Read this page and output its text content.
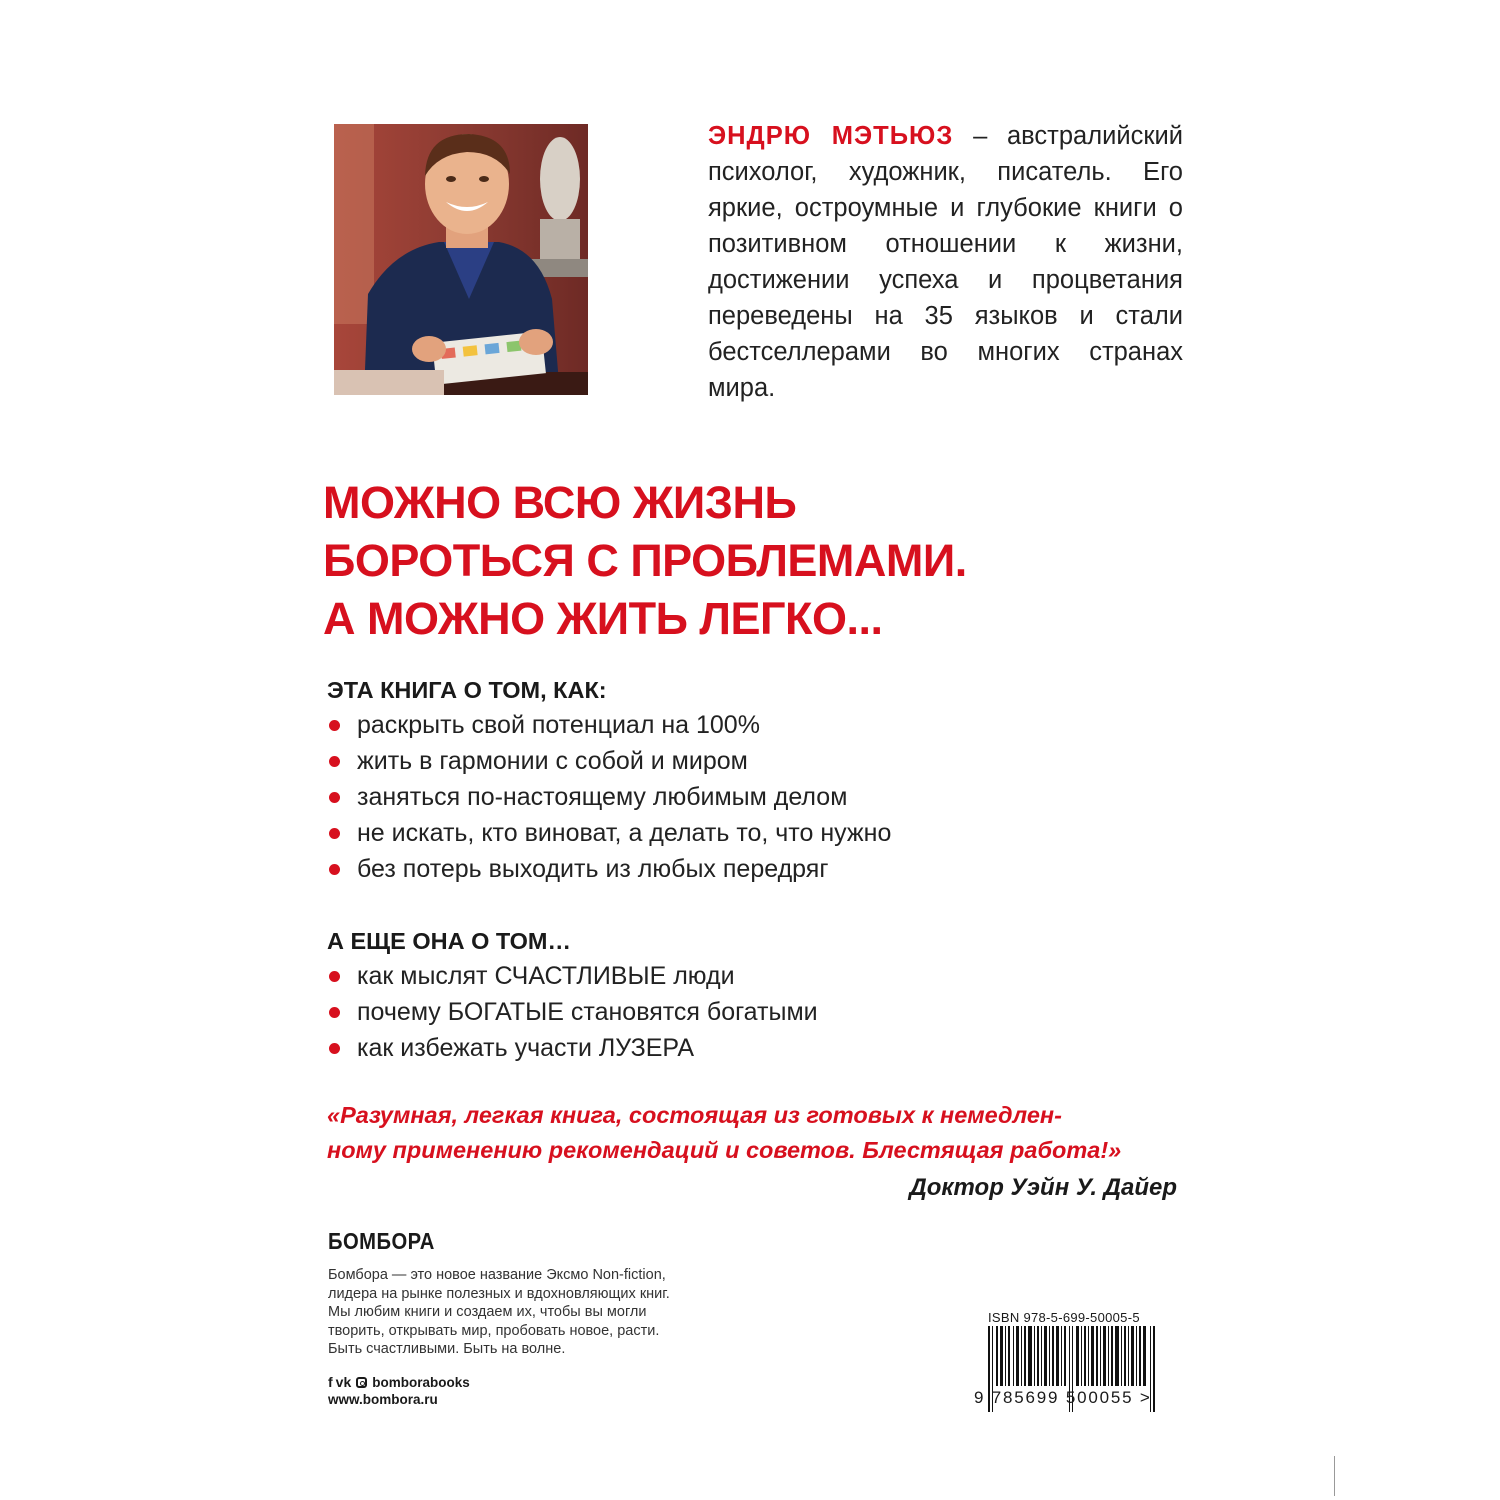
ЭНДРЮ МЭТЬЮЗ – австралийский психолог, художник, писатель. Его яркие, остроумные и глубокие книги о позитивном отношении к жизни, достижении успеха и процветания переведены на 35 языков и стали бестселлерами во многих странах мира.
МОЖНО ВСЮ ЖИЗНЬ
БОРОТЬСЯ С ПРОБЛЕМАМИ.
А МОЖНО ЖИТЬ ЛЕГКО...
ЭТА КНИГА О ТОМ, КАК:
раскрыть свой потенциал на 100%
жить в гармонии с собой и миром
заняться по-настоящему любимым делом
не искать, кто виноват, а делать то, что нужно
без потерь выходить из любых передряг
А ЕЩЕ ОНА О ТОМ…
как мыслят СЧАСТЛИВЫЕ люди
почему БОГАТЫЕ становятся богатыми
как избежать участи ЛУЗЕРА
«Разумная, легкая книга, состоящая из готовых к немедлен-
ному применению рекомендаций и советов. Блестящая работа!»
Доктор Уэйн У. Дайер
БОМБОРА
Бомбора — это новое название Эксмо Non-fiction,
лидера на рынке полезных и вдохновляющих книг.
Мы любим книги и создаем их, чтобы вы могли
творить, открывать мир, пробовать новое, расти.
Быть счастливыми. Быть на волне.
f vk bomborabooks
www.bombora.ru
ISBN 978-5-699-50005-5
9 785699 500055 >
